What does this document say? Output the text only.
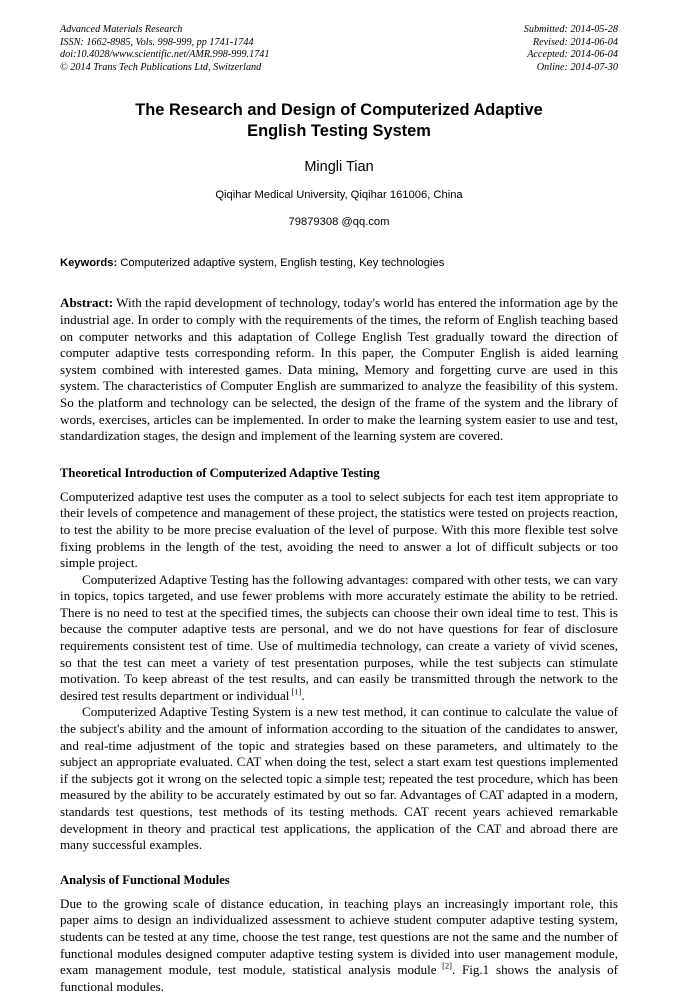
Advanced Materials Research
ISSN: 1662-8985, Vols. 998-999, pp 1741-1744
doi:10.4028/www.scientific.net/AMR.998-999.1741
© 2014 Trans Tech Publications Ltd, Switzerland
Submitted: 2014-05-28
Revised: 2014-06-04
Accepted: 2014-06-04
Online: 2014-07-30
The Research and Design of Computerized Adaptive English Testing System
Mingli Tian
Qiqihar Medical University, Qiqihar 161006, China
79879308 @qq.com
Keywords: Computerized adaptive system, English testing, Key technologies
Abstract: With the rapid development of technology, today's world has entered the information age by the industrial age. In order to comply with the requirements of the times, the reform of English teaching based on computer networks and this adaptation of College English Test gradually toward the direction of computer adaptive tests corresponding reform. In this paper, the Computer English is aided learning system combined with interested games. Data mining, Memory and forgetting curve are used in this system. The characteristics of Computer English are summarized to analyze the feasibility of this system. So the platform and technology can be selected, the design of the frame of the system and the library of words, exercises, articles can be implemented. In order to make the learning system easier to use and test, standardization stages, the design and implement of the learning system are covered.
Theoretical Introduction of Computerized Adaptive Testing

Computerized adaptive test uses the computer as a tool to select subjects for each test item appropriate to their levels of competence and management of these project, the statistics were tested on projects reaction, to test the ability to be more precise evaluation of the level of purpose. With this more flexible test solve fixing problems in the length of the test, avoiding the need to answer a lot of difficult subjects or too simple project.

Computerized Adaptive Testing has the following advantages: compared with other tests, we can vary in topics, topics targeted, and use fewer problems with more accurately estimate the ability to be retried. There is no need to test at the specified times, the subjects can choose their own ideal time to test. This is because the computer adaptive tests are personal, and we do not have questions for fear of disclosure requirements consistent test of time. Use of multimedia technology, can create a variety of vivid scenes, so that the test can meet a variety of test presentation purposes, while the test subjects can stimulate motivation. To keep abreast of the test results, and can easily be transmitted through the network to the desired test results department or individual [1].

Computerized Adaptive Testing System is a new test method, it can continue to calculate the value of the subject's ability and the amount of information according to the situation of the candidates to answer, and real-time adjustment of the topic and strategies based on these parameters, and ultimately to the subject an appropriate evaluated. CAT when doing the test, select a start exam test questions implemented if the subjects got it wrong on the selected topic a simple test; repeated the test procedure, which has been measured by the ability to be accurately estimated by out so far. Advantages of CAT adapted in a modern, standards test questions, test methods of its testing methods. CAT recent years achieved remarkable development in theory and practical test applications, the application of the CAT and abroad there are many successful examples.

Analysis of Functional Modules

Due to the growing scale of distance education, in teaching plays an increasingly important role, this paper aims to design an individualized assessment to achieve student computer adaptive testing system, students can be tested at any time, choose the test range, test questions are not the same and the number of functional modules designed computer adaptive testing system is divided into user management module, exam management module, test module, statistical analysis module [2]. Fig.1 shows the analysis of functional modules.
